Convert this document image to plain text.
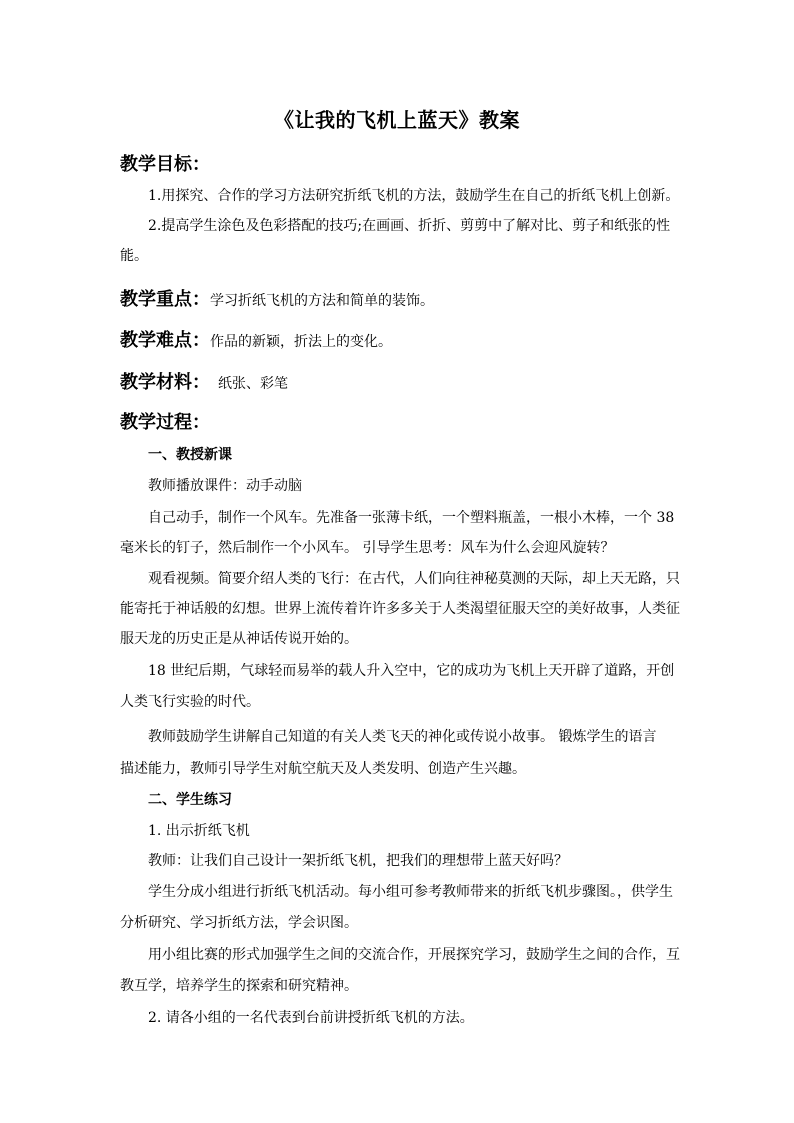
《让我的飞机上蓝天》教案
教学目标：
1.用探究、合作的学习方法研究折纸飞机的方法，鼓励学生在自己的折纸飞机上创新。
2.提高学生涂色及色彩搭配的技巧;在画画、折折、剪剪中了解对比、剪子和纸张的性
能。
教学重点：学习折纸飞机的方法和简单的装饰。
教学难点：作品的新颖，折法上的变化。
教学材料： 纸张、彩笔
教学过程：
一、教授新课
教师播放课件：动手动脑
自己动手，制作一个风车。先准备一张薄卡纸，一个塑料瓶盖，一根小木棒，一个 38
毫米长的钉子，然后制作一个小风车。 引导学生思考：风车为什么会迎风旋转？
观看视频。简要介绍人类的飞行：在古代，人们向往神秘莫测的天际，却上天无路，只
能寄托于神话般的幻想。世界上流传着许许多多关于人类渴望征服天空的美好故事，人类征
服天龙的历史正是从神话传说开始的。
18 世纪后期，气球轻而易举的载人升入空中，它的成功为飞机上天开辟了道路，开创
人类飞行实验的时代。
教师鼓励学生讲解自己知道的有关人类飞天的神化或传说小故事。 锻炼学生的语言
描述能力，教师引导学生对航空航天及人类发明、创造产生兴趣。
二、学生练习
1. 出示折纸飞机
教师：让我们自己设计一架折纸飞机，把我们的理想带上蓝天好吗？
学生分成小组进行折纸飞机活动。每小组可参考教师带来的折纸飞机步骤图。，供学生
分析研究、学习折纸方法，学会识图。
用小组比赛的形式加强学生之间的交流合作，开展探究学习，鼓励学生之间的合作，互
教互学，培养学生的探索和研究精神。
2. 请各小组的一名代表到台前讲授折纸飞机的方法。
